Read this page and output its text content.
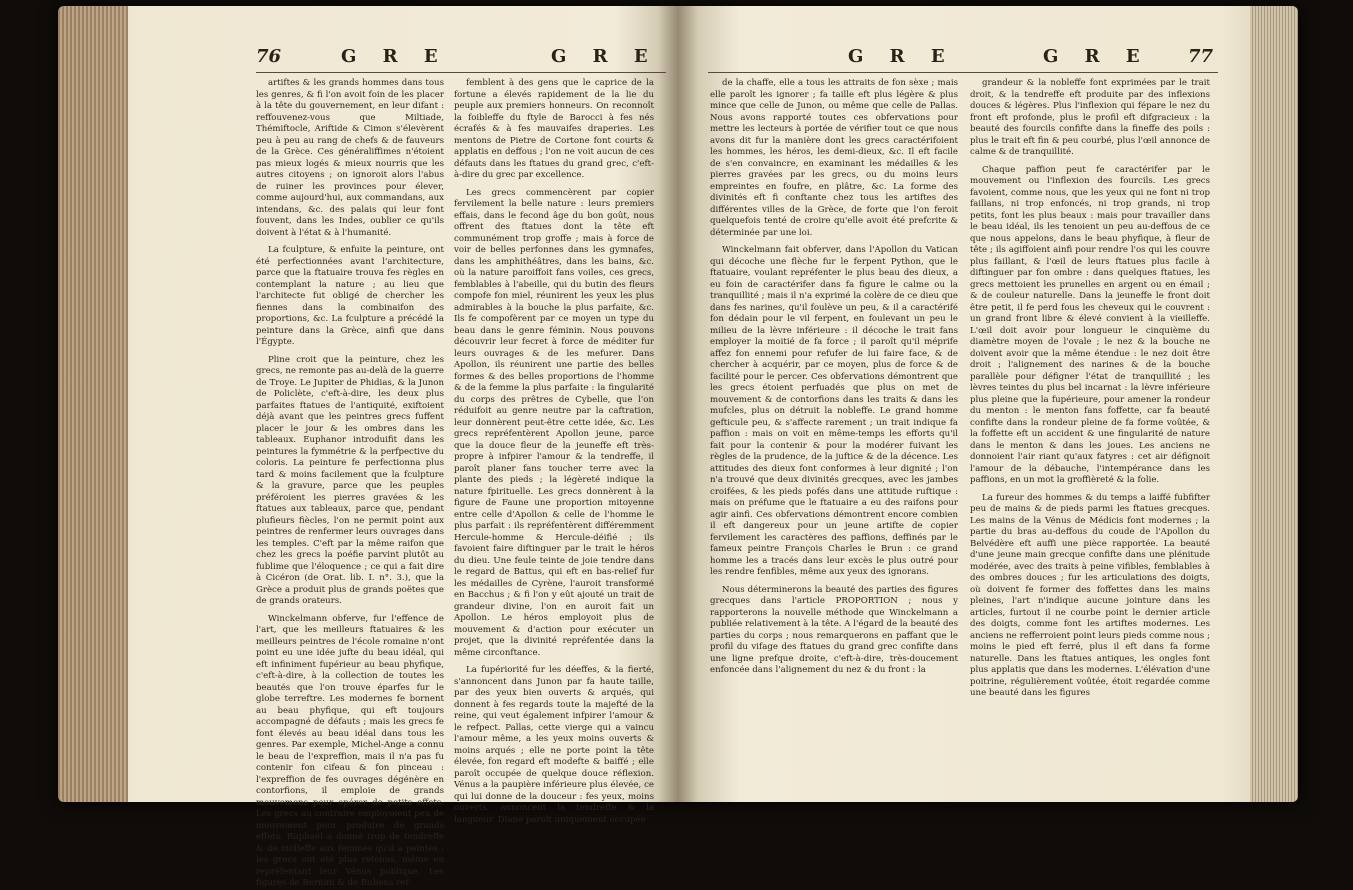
76	G R E	G R E

artiftes & les grands hommes dans tous les genres, & fi l'on avoit foin de les placer à la tête du gouvernement, en leur difant : reffouvenez-vous que Miltiade, Thémiftocle, Ariftide & Cimon s'élevèrent peu à peu au rang de chefs & de fauveurs de la Grèce. Ces généraliffimes n'étoient pas mieux logés & mieux nourris que les autres citoyens ; on ignoroit alors l'abus de ruiner les provinces pour élever, comme aujourd'hui, aux commandans, aux intendans, &c. des palais qui leur font fouvent, dans les Indes, oublier ce qu'ils doivent à l'état & à l'humanité.

La fculpture, & enfuite la peinture, ont été perfectionnées avant l'architecture, parce que la ftatuaire trouva fes règles en contemplant la nature ; au lieu que l'architecte fut obligé de chercher les fiennes dans la combinaifon des proportions, &c. La fculpture a précédé la peinture dans la Grèce, ainfi que dans l'Égypte.

Pline croit que la peinture, chez les grecs, ne remonte pas au-delà de la guerre de Troye. Le Jupiter de Phidias, & la Junon de Policlète, c'eft-à-dire, les deux plus parfaites ftatues de l'antiquité, exiftoient déjà avant que les peintres grecs fuffent placer le jour & les ombres dans les tableaux. Euphanor introduifit dans les peintures la fymmétrie & la perfpective du coloris. La peinture fe perfectionna plus tard & moins facilement que la fculpture & la gravure, parce que les peuples préféroient les pierres gravées & les ftatues aux tableaux, parce que, pendant plufieurs fiècles, l'on ne permit point aux peintres de renfermer leurs ouvrages dans les temples. C'eft par la même raifon que chez les grecs la poéfie parvint plutôt au fublime que l'éloquence ; ce qui a fait dire à Cicéron (de Orat. lib. I. n°. 3.), que la Grèce a produit plus de grands poëtes que de grands orateurs.

Winckelmann obferve, fur l'effence de l'art, que les meilleurs ftatuaires & les meilleurs peintres de l'école romaine n'ont point eu une idée jufte du beau idéal, qui eft infiniment fupérieur au beau phyfique, c'eft-à-dire, à la collection de toutes les beautés que l'on trouve éparfes fur le globe terreftre. Les modernes fe bornent au beau phyfique, qui eft toujours accompagné de défauts ; mais les grecs fe font élevés au beau idéal dans tous les genres. Par exemple, Michel-Ange a connu le beau de l'expreffion, mais il n'a pas fu contenir fon cifeau & fon pinceau : l'expreffion de fes ouvrages dégénère en contorfions, il emploie de grands mouvemens pour opérer de petits effets. Les grecs au contraire employoient peu de mouvement pour produire de grands effets. Raphaël a donné trop de tendreffe & de molleffe aux femmes qu'il a peintes ; les grecs ont été plus retenus, même en repréfentant leur Vénus publique. Les figures de Bernini & de Rubens ref-

femblent à des gens que le caprice de la fortune a élevés rapidement de la lie du peuple aux premiers honneurs. On reconnoît la foibleffe du ftyle de Barocci à fes nés écrafés & à fes mauvaifes draperies. Les mentons de Pietre de Cortone font courts & applatis en deffous ; l'on ne voit aucun de ces défauts dans les ftatues du grand grec, c'eft-à-dire du grec par excellence.

Les grecs commencèrent par copier fervilement la belle nature : leurs premiers effais, dans le fecond âge du bon goût, nous offrent des ftatues dont la tête eft communément trop groffe ; mais à force de voir de belles perfonnes dans les gymnafes, dans les amphithéâtres, dans les bains, &c. où la nature paroiffoit fans voiles, ces grecs, femblables à l'abeille, qui du butin des fleurs compofe fon miel, réunirent les yeux les plus admirables à la bouche la plus parfaite, &c. Ils fe compofèrent par ce moyen un type du beau dans le genre féminin. Nous pouvons découvrir leur fecret à force de méditer fur leurs ouvrages & de les mefurer. Dans Apollon, ils réunirent une partie des belles formes & des belles proportions de l'homme & de la femme la plus parfaite : la fingularité du corps des prêtres de Cybelle, que l'on réduifoit au genre neutre par la caftration, leur donnèrent peut-être cette idée, &c. Les grecs repréfentèrent Apollon jeune, parce que la douce fleur de la jeuneffe eft très-propre à infpirer l'amour & la tendreffe, il paroît planer fans toucher terre avec la plante des pieds ; la légèreté indique la nature fpirituelle. Les grecs donnèrent à la figure de Faune une proportion mitoyenne entre celle d'Apollon & celle de l'homme le plus parfait : ils repréfentèrent différemment Hercule-homme & Hercule-déifié ; ils favoient faire diftinguer par le trait le héros du dieu. Une feule teinte de joie tendre dans le regard de Battus, qui eft en bas-relief fur les médailles de Cyrène, l'auroit transformé en Bacchus ; & fi l'on y eût ajouté un trait de grandeur divine, l'on en auroit fait un Apollon. Le héros employoit plus de mouvement & d'action pour exécuter un projet, que la divinité repréfentée dans la même circonftance.

La fupériorité fur les déeffes, & la fierté, s'annoncent dans Junon par fa haute taille, par des yeux bien ouverts & arqués, qui donnent à fes regards toute la majefté de la reine, qui veut également infpirer l'amour & le refpect. Pallas, cette vierge qui a vaincu l'amour même, a les yeux moins ouverts & moins arqués ; elle ne porte point la tête élevée, fon regard eft modefte & baiffé ; elle paroît occupée de quelque douce réflexion. Vénus a la paupière inférieure plus élevée, ce qui lui donne de la douceur : fes yeux, moins ouverts, annoncent la tendreffe & la langueur. Diane paroît uniquement occupée

G R E	G R E 77

de la chaffe, elle a tous les attraits de fon sèxe ; mais elle paroît les ignorer ; fa taille eft plus légère & plus mince que celle de Junon, ou même que celle de Pallas. Nous avons rapporté toutes ces obfervations pour mettre les lecteurs à portée de vérifier tout ce que nous avons dit fur la manière dont les grecs caractérifoient les hommes, les héros, les demi-dieux, &c. Il eft facile de s'en convaincre, en examinant les médailles & les pierres gravées par les grecs, ou du moins leurs empreintes en foufre, en plâtre, &c. La forme des divinités eft fi conftante chez tous les artiftes des différentes villes de la Grèce, de forte que l'on feroit quelquefois tenté de croire qu'elle avoit été prefcrite & déterminée par une loi.

Winckelmann fait obferver, dans l'Apollon du Vatican qui décoche une flèche fur le ferpent Python, que le ftatuaire, voulant repréfenter le plus beau des dieux, a eu foin de caractérifer dans fa figure le calme ou la tranquillité ; mais il n'a exprimé la colère de ce dieu que dans fes narines, qu'il foulève un peu, & il a caractérifé fon dédain pour le vil ferpent, en foulevant un peu le milieu de la lèvre inférieure : il décoche le trait fans employer la moitié de fa force ; il paroît qu'il méprife affez fon ennemi pour refufer de lui faire face, & de chercher à acquérir, par ce moyen, plus de force & de facilité pour le percer. Ces obfervations démontrent que les grecs étoient perfuadés que plus on met de mouvement & de contorfions dans les traits & dans les mufcles, plus on détruit la nobleffe. Le grand homme gefticule peu, & s'affecte rarement ; un trait indique fa paffion : mais on voit en même-temps les efforts qu'il fait pour la contenir & pour la modérer fuivant les règles de la prudence, de la juftice & de la décence. Les attitudes des dieux font conformes à leur dignité ; l'on n'a trouvé que deux divinités grecques, avec les jambes croifées, & les pieds pofés dans une attitude ruftique : mais on préfume que le ftatuaire a eu des raifons pour agir ainfi. Ces obfervations démontrent encore combien il eft dangereux pour un jeune artifte de copier fervilement les caractères des paffions, deffinés par le fameux peintre François Charles le Brun : ce grand homme les a tracés dans leur excès le plus outré pour les rendre fenfibles, même aux yeux des ignorans.

Nous déterminerons la beauté des parties des figures grecques dans l'article PROPORTION ; nous y rapporterons la nouvelle méthode que Winckelmann a publiée relativement à la tête. A l'égard de la beauté des parties du corps ; nous remarquerons en paffant que le profil du vifage des ftatues du grand grec confifte dans une ligne prefque droite, c'eft-à-dire, très-doucement enfoncée dans l'alignement du nez & du front : la

grandeur & la nobleffe font exprimées par le trait droit, & la tendreffe eft produite par des inflexions douces & légères. Plus l'inflexion qui fépare le nez du front eft profonde, plus le profil eft difgracieux : la beauté des fourcils confifte dans la fineffe des poils : plus le trait eft fin & peu courbé, plus l'œil annonce de calme & de tranquillité.

Chaque paffion peut fe caractérifer par le mouvement ou l'inflexion des fourcils. Les grecs favoient, comme nous, que les yeux qui ne font ni trop faillans, ni trop enfoncés, ni trop grands, ni trop petits, font les plus beaux : mais pour travailler dans le beau idéal, ils les tenoient un peu au-deffous de ce que nous appelons, dans le beau phyfique, à fleur de tête ; ils agiffoient ainfi pour rendre l'os qui les couvre plus faillant, & l'œil de leurs ftatues plus facile à diftinguer par fon ombre : dans quelques ftatues, les grecs mettoient les prunelles en argent ou en émail ; & de couleur naturelle. Dans la jeuneffe le front doit être petit, il fe perd fous les cheveux qui le couvrent : un grand front libre & élevé convient à la vieilleffe. L'œil doit avoir pour longueur le cinquième du diamètre moyen de l'ovale ; le nez & la bouche ne doivent avoir que la même étendue : le nez doit être droit ; l'alignement des narines & de la bouche parallèle pour défigner l'état de tranquillité ; les lèvres teintes du plus bel incarnat : la lèvre inférieure plus pleine que la fupérieure, pour amener la rondeur du menton : le menton fans foffette, car fa beauté confifte dans la rondeur pleine de fa forme voûtée, & la foffette eft un accident & une fingularité de nature dans le menton & dans les joues. Les anciens ne donnoient l'air riant qu'aux fatyres : cet air défignoit l'amour de la débauche, l'intempérance dans les paffions, en un mot la groffièreté & la folie.

La fureur des hommes & du temps a laiffé fubfifter peu de mains & de pieds parmi les ftatues grecques. Les mains de la Vénus de Médicis font modernes ; la partie du bras au-deffous du coude de l'Apollon du Belvédère eft auffi une pièce rapportée. La beauté d'une jeune main grecque confifte dans une plénitude modérée, avec des traits à peine vifibles, femblables à des ombres douces ; fur les articulations des doigts, où doivent fe former des foffettes dans les mains pleines, l'art n'indique aucune jointure dans les articles, furtout il ne courbe point le dernier article des doigts, comme font les artiftes modernes. Les anciens ne refferroient point leurs pieds comme nous ; moins le pied eft ferré, plus il eft dans fa forme naturelle. Dans les ftatues antiques, les ongles font plus applatis que dans les modernes. L'élévation d'une poitrine, régulièrement voûtée, étoit regardée comme une beauté dans les figures
